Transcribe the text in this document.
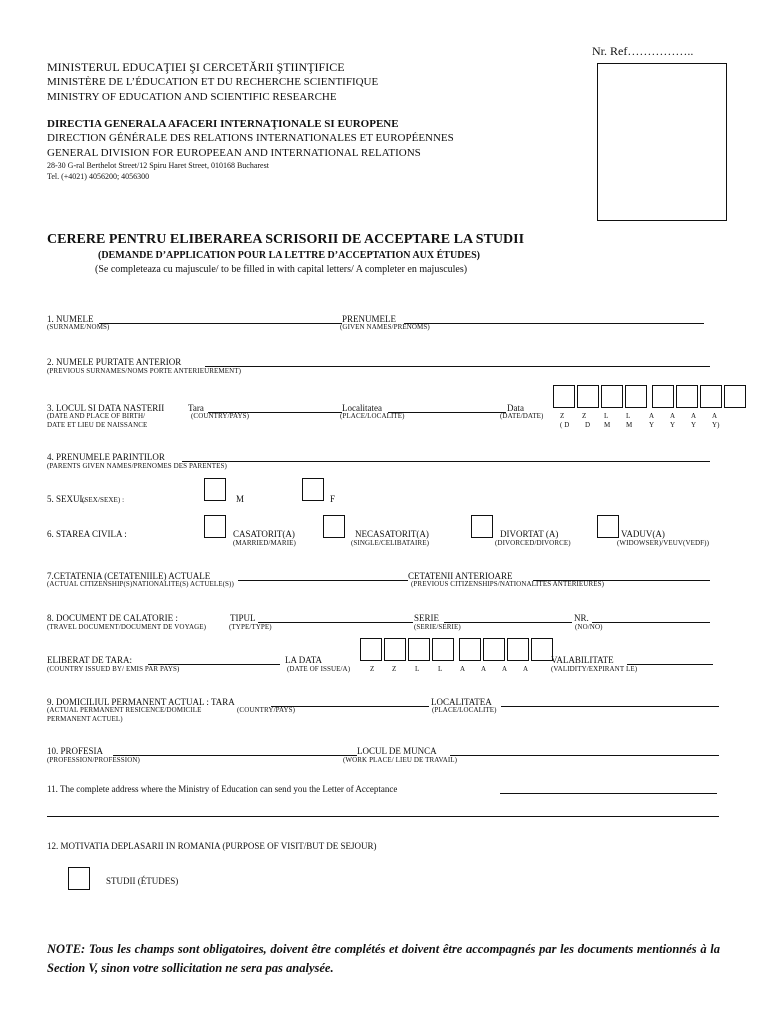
Nr. Ref……………..
MINISTERUL EDUCAŢIEI ŞI CERCETĂRII ŞTIINŢIFICE
MINISTÈRE DE L’ÉDUCATION ET DU RECHERCHE SCIENTIFIQUE
MINISTRY OF EDUCATION AND SCIENTIFIC RESEARCHE
DIRECTIA GENERALA AFACERI INTERNAŢIONALE SI EUROPENE
DIRECTION GÉNÉRALE DES RELATIONS INTERNATIONALES ET EUROPÉENNES
GENERAL DIVISION FOR EUROPEEAN AND INTERNATIONAL RELATIONS
28-30 G-ral Berthelot Street/12 Spiru Haret Street, 010168 Bucharest
Tel. (+4021) 4056200; 4056300
CERERE PENTRU ELIBERAREA SCRISORII DE ACCEPTARE LA STUDII
(DEMANDE D’APPLICATION POUR LA LETTRE D’ACCEPTATION AUX ÉTUDES)
(Se completeaza cu majuscule/ to be filled in with capital letters/ A completer en majuscules)
1. NUMELE
(SURNAME/NOMS)
PRENUMELE
(GIVEN NAMES/PRENOMS)
2. NUMELE PURTATE ANTERIOR
(PREVIOUS SURNAMES/NOMS PORTE ANTERIEUREMENT)
3. LOCUL SI DATA NASTERII
(DATE AND PLACE OF BIRTH/
DATE ET LIEU DE NAISSANCE
Tara
(COUNTRY/PAYS)
Localitatea
(PLACE/LOCALITE)
Data
(DATE/DATE) Z	Z	L	L	A A A A
( D D M M Y Y Y Y)
4. PRENUMELE PARINTILOR
(PARENTS GIVEN NAMES/PRENOMES DES PARENTES)
5. SEXUL
(SEX/SEXE) :	M	F
6. STAREA CIVILA :	CASATORIT(A)
(MARRIED/MARIE)
NECASATORIT(A)
(SINGLE/CELIBATAIRE)
DIVORTAT (A)
(DIVORCED/DIVORCE)
VADUV(A)
(WIDOWSER)/VEUV(VEDF))
7.CETATENIA (CETATENIILE) ACTUALE
(ACTUAL CITIZENSHIP(S)NATIONALITE(S) ACTUELE(S))
CETATENII ANTERIOARE
(PREVIOUS CITIZENSHIPS/NATIONALITES ANTERIEURES)
8. DOCUMENT DE CALATORIE :
(TRAVEL DOCUMENT/DOCUMENT DE VOYAGE)
TIPUL
(TYPE/TYPE)
SERIE
(SERIE/SERIE)
NR.
(NO/NO)
ELIBERAT DE TARA:
(COUNTRY ISSUED BY/ EMIS PAR PAYS)
LA DATA
(DATE OF ISSUE/A)	Z	Z	L	L	A A A A
VALABILITATE
(VALIDITY/EXPIRANT LE)
9. DOMICILIUL PERMANENT ACTUAL : TARA
(ACTUAL PERMANENT RESICENCE/DOMICILE
PERMANENT ACTUEL)
(COUNTRY/PAYS)
LOCALITATEA
(PLACE/LOCALITE)
10. PROFESIA
(PROFESSION/PROFESSION)
LOCUL DE MUNCA
(WORK PLACE/ LIEU DE TRAVAIL)
11. The complete address where the Ministry of Education can send you the Letter of Acceptance
12. MOTIVATIA DEPLASARII IN ROMANIA (PURPOSE OF VISIT/BUT DE SEJOUR)
STUDII (ÉTUDES)
NOTE: Tous les champs sont obligatoires, doivent être complétés et doivent être accompagnés par les documents mentionnés à la Section V, sinon votre sollicitation ne sera pas analysée.
